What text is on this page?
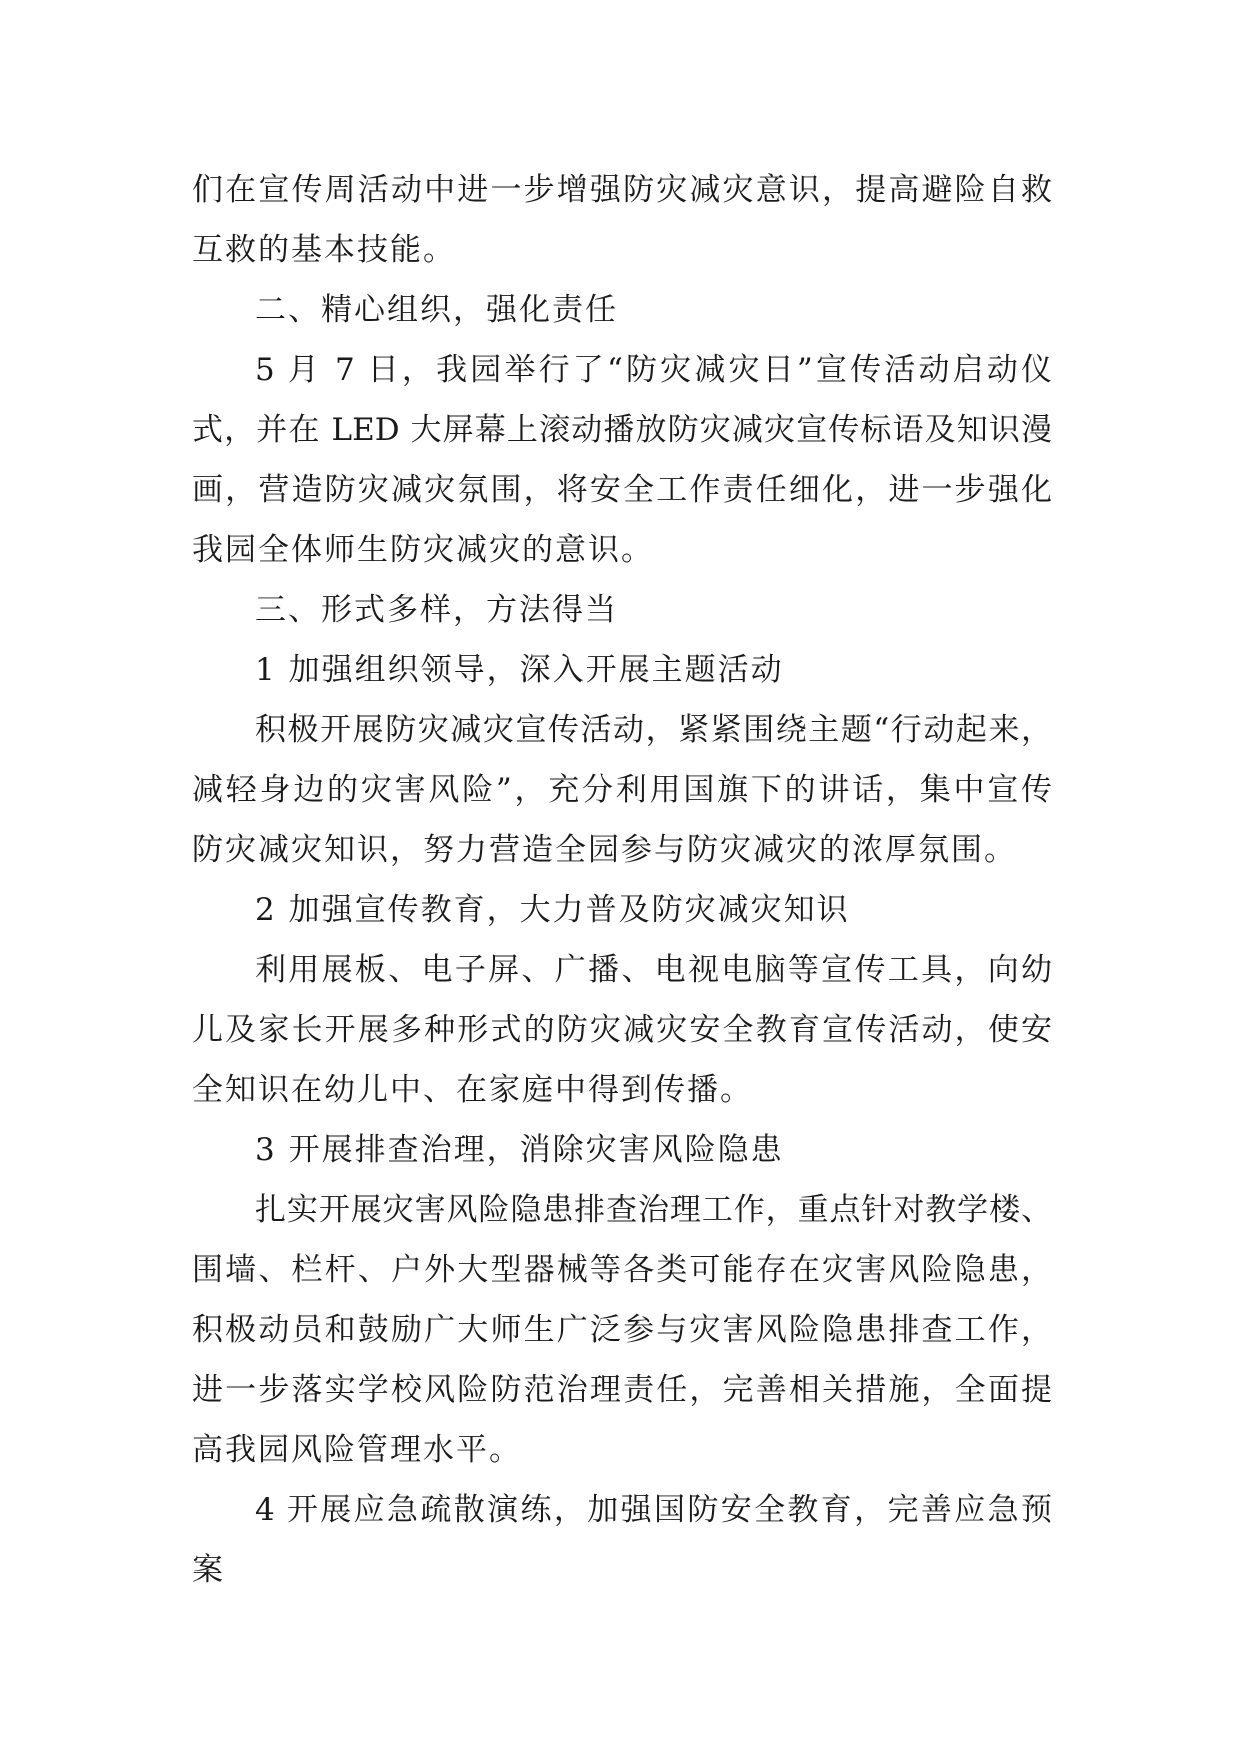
们在宣传周活动中进一步增强防灾减灾意识，提高避险自救
互救的基本技能。
二、精心组织，强化责任
5 月 7 日，我园举行了“防灾减灾日”宣传活动启动仪
式，并在 LED 大屏幕上滚动播放防灾减灾宣传标语及知识漫
画，营造防灾减灾氛围，将安全工作责任细化，进一步强化
我园全体师生防灾减灾的意识。
三、形式多样，方法得当
1 加强组织领导，深入开展主题活动
积极开展防灾减灾宣传活动，紧紧围绕主题“行动起来，
减轻身边的灾害风险”，充分利用国旗下的讲话，集中宣传
防灾减灾知识，努力营造全园参与防灾减灾的浓厚氛围。
2 加强宣传教育，大力普及防灾减灾知识
利用展板、电子屏、广播、电视电脑等宣传工具，向幼
儿及家长开展多种形式的防灾减灾安全教育宣传活动，使安
全知识在幼儿中、在家庭中得到传播。
3 开展排查治理，消除灾害风险隐患
扎实开展灾害风险隐患排查治理工作，重点针对教学楼、
围墙、栏杆、户外大型器械等各类可能存在灾害风险隐患，
积极动员和鼓励广大师生广泛参与灾害风险隐患排查工作，
进一步落实学校风险防范治理责任，完善相关措施，全面提
高我园风险管理水平。
4 开展应急疏散演练，加强国防安全教育，完善应急预
案
